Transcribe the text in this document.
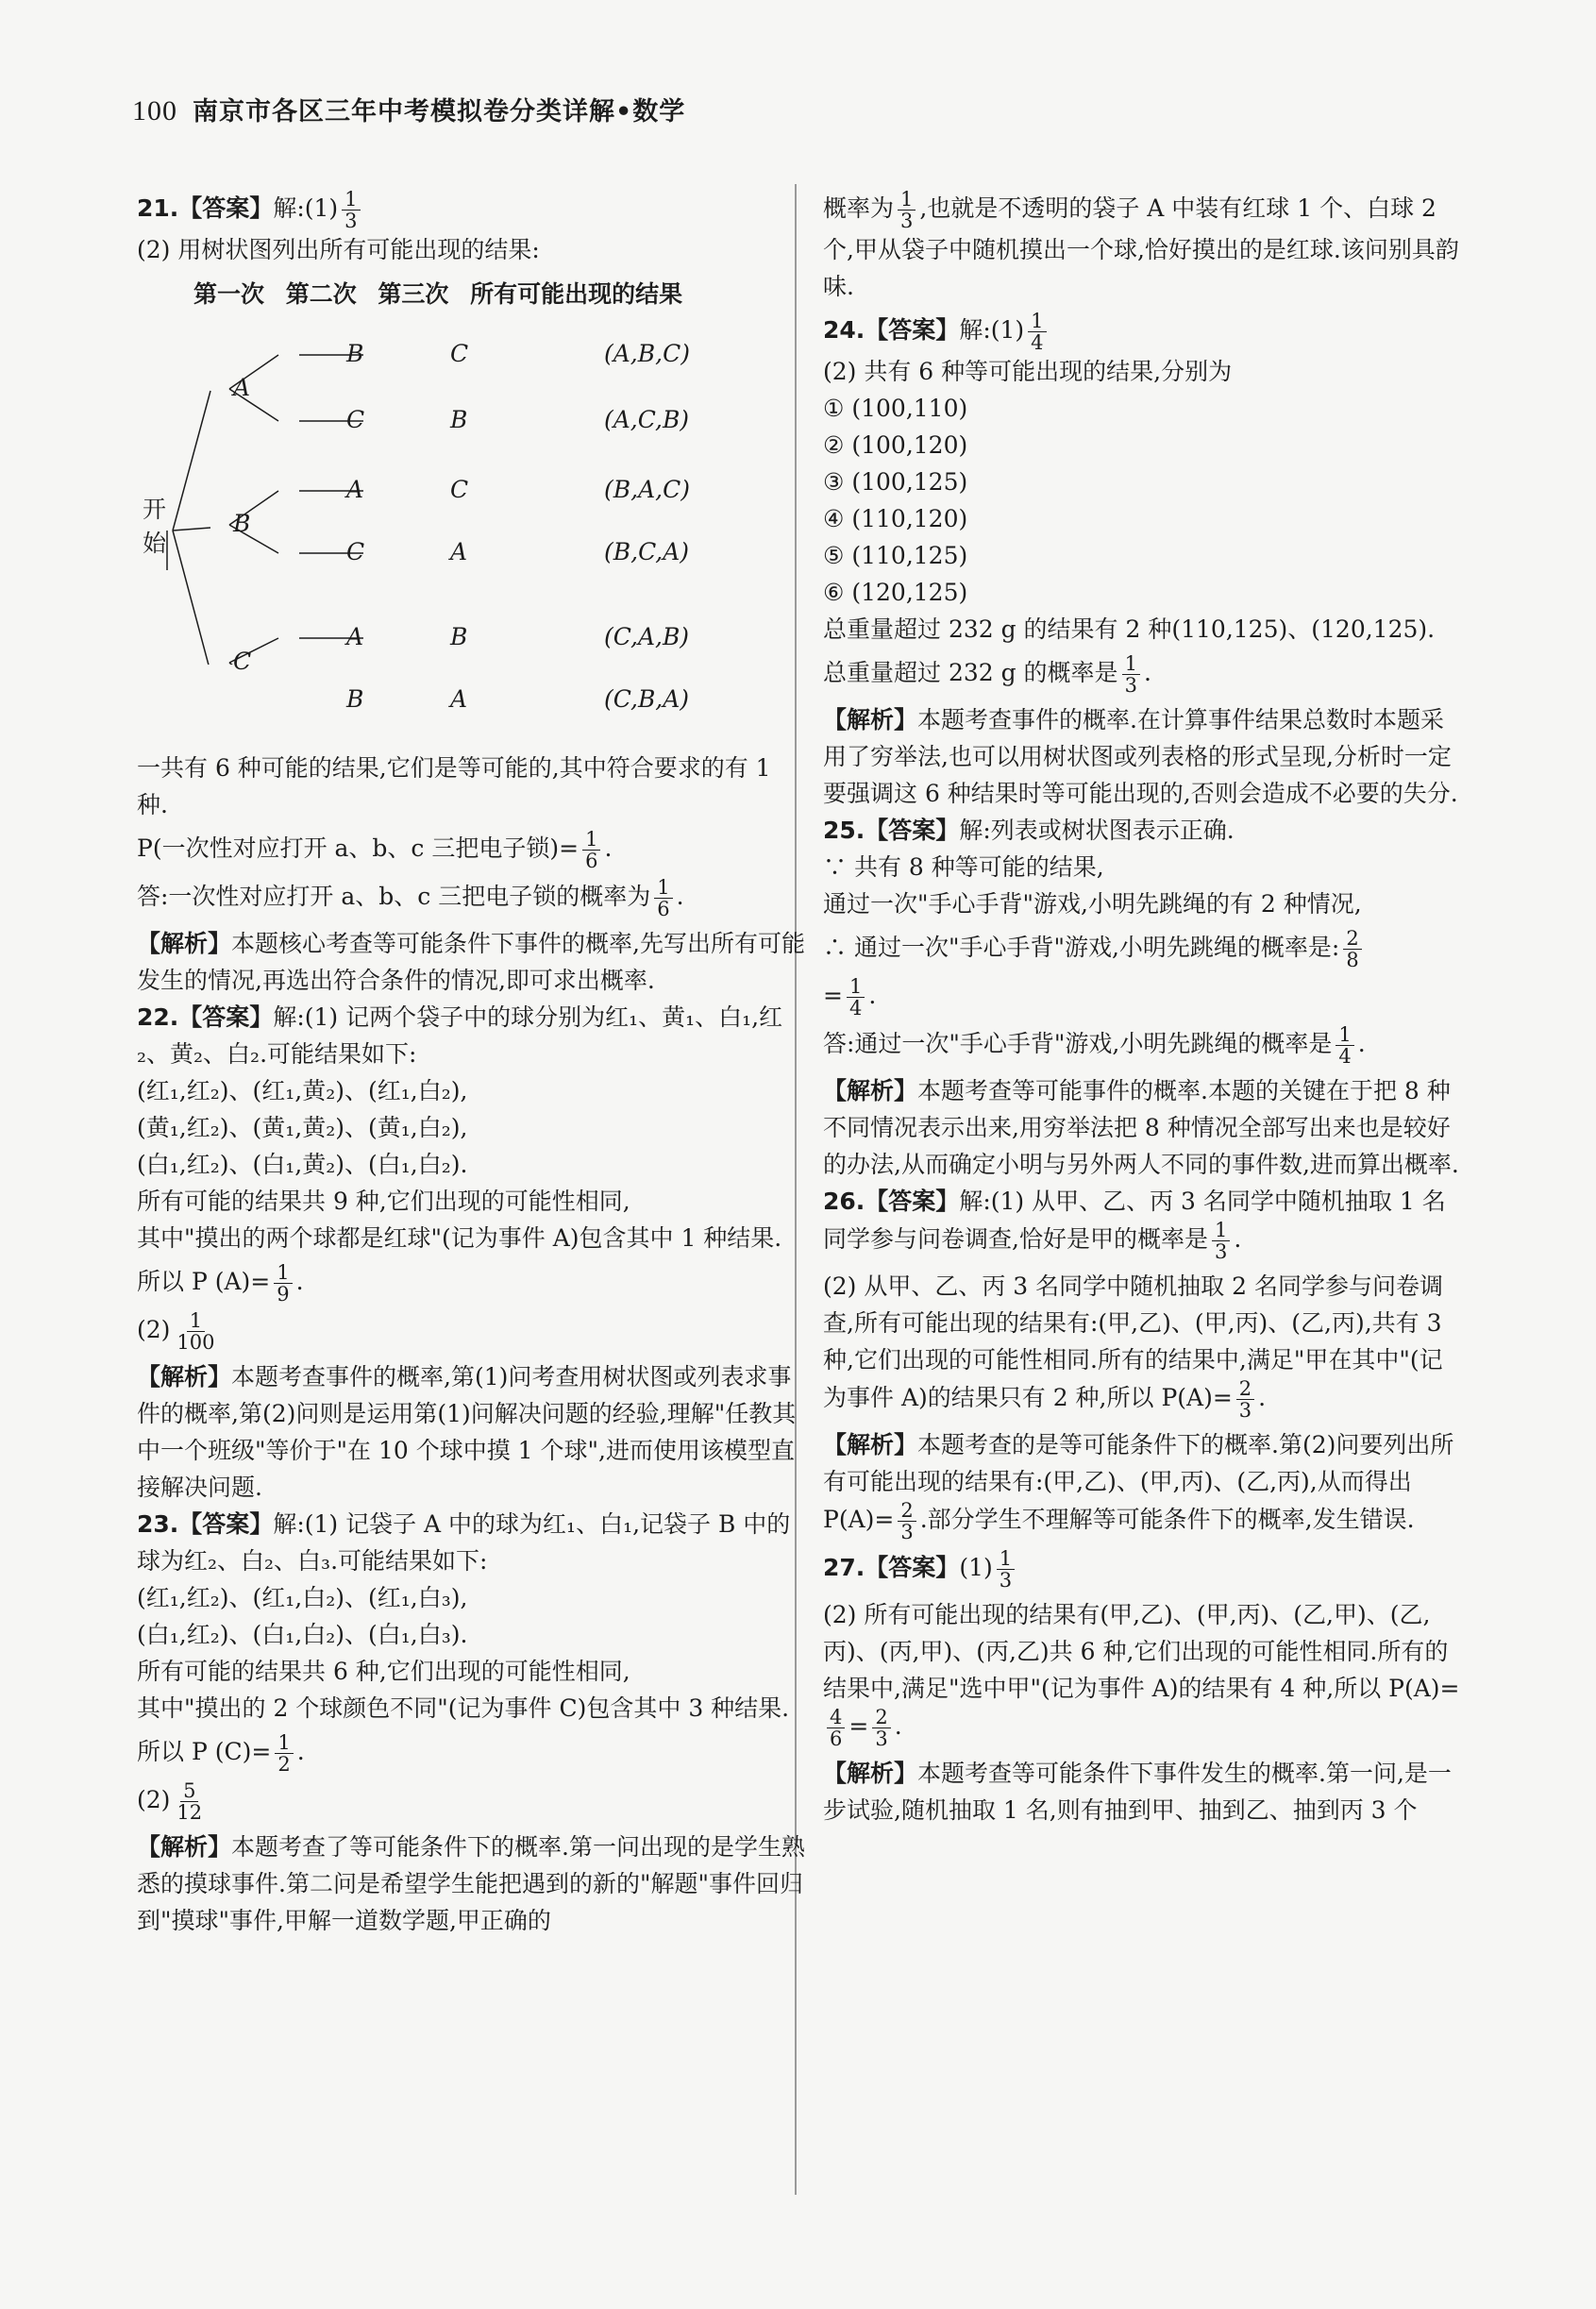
100 南京市各区三年中考模拟卷分类详解•数学

21.【答案】解:(1) $\frac{1}{3}$

(2) 用树状图列出所有可能出现的结果:

第一次 第二次 第三次 所有可能出现的结果
开
始
A
B
C
B
C
A
C
A
B
C
B
C
A
B
A
(A,B,C)
(A,C,B)
(B,A,C)
(B,C,A)
(C,A,B)
(C,B,A)

一共有 6 种可能的结果,它们是等可能的,其中符合要求的有 1 种.

P(一次性对应打开 a、b、c 三把电子锁)= $\frac{1}{6}$ .

答:一次性对应打开 a、b、c 三把电子锁的概率为 $\frac{1}{6}$ .

【解析】本题核心考查等可能条件下事件的概率,先写出所有可能发生的情况,再选出符合条件的情况,即可求出概率.

22.【答案】解:(1) 记两个袋子中的球分别为红₁、黄₁、白₁,红₂、黄₂、白₂.可能结果如下:

(红₁,红₂)、(红₁,黄₂)、(红₁,白₂),

(黄₁,红₂)、(黄₁,黄₂)、(黄₁,白₂),

(白₁,红₂)、(白₁,黄₂)、(白₁,白₂).

所有可能的结果共 9 种,它们出现的可能性相同,

其中"摸出的两个球都是红球"(记为事件 A)包含其中 1 种结果.

所以 P $(A)= \frac{1}{9}$ .

$(2) \frac{1}{100}$

【解析】本题考查事件的概率,第(1)问考查用树状图或列表求事件的概率,第(2)问则是运用第(1)问解决问题的经验,理解"任教其中一个班级"等价于"在 10 个球中摸 1 个球",进而使用该模型直接解决问题.

23.【答案】解:(1) 记袋子 A 中的球为红₁、白₁,记袋子 B 中的球为红₂、白₂、白₃.可能结果如下:

(红₁,红₂)、(红₁,白₂)、(红₁,白₃),

(白₁,红₂)、(白₁,白₂)、(白₁,白₃).

所有可能的结果共 6 种,它们出现的可能性相同,

其中"摸出的 2 个球颜色不同"(记为事件 C)包含其中 3 种结果.

所以 P $(C)= \frac{1}{2}$ .

$(2) \frac{5}{12}$

【解析】本题考查了等可能条件下的概率.第一问出现的是学生熟悉的摸球事件.第二问是希望学生能把遇到的新的"解题"事件回归到"摸球"事件,甲解一道数学题,甲正确的

概率为 $\frac{1}{3}$ ,也就是不透明的袋子 A 中装有红球 1 个、白球 2 个,甲从袋子中随机摸出一个球,恰好摸出的是红球.该问别具韵味.

24.【答案】解:(1) $\frac{1}{4}$

(2) 共有 6 种等可能出现的结果,分别为

① (100,110)

② (100,120)

③ (100,125)

④ (110,120)

⑤ (110,125)

⑥ (120,125)

总重量超过 232 g 的结果有 2 种(110,125)、(120,125).

总重量超过 232 g 的概率是 $\frac{1}{3}$ .

【解析】本题考查事件的概率.在计算事件结果总数时本题采用了穷举法,也可以用树状图或列表格的形式呈现,分析时一定要强调这 6 种结果时等可能出现的,否则会造成不必要的失分.

25.【答案】解:列表或树状图表示正确.

∵ 共有 8 种等可能的结果,

通过一次"手心手背"游戏,小明先跳绳的有 2 种情况,

∴ 通过一次"手心手背"游戏,小明先跳绳的概率是: $\frac{2}{8}$

= $\frac{1}{4}$ .

答:通过一次"手心手背"游戏,小明先跳绳的概率是 $\frac{1}{4}$ .

【解析】本题考查等可能事件的概率.本题的关键在于把 8 种不同情况表示出来,用穷举法把 8 种情况全部写出来也是较好的办法,从而确定小明与另外两人不同的事件数,进而算出概率.

26.【答案】解:(1) 从甲、乙、丙 3 名同学中随机抽取 1 名同学参与问卷调查,恰好是甲的概率是 $\frac{1}{3}$ .

(2) 从甲、乙、丙 3 名同学中随机抽取 2 名同学参与问卷调查,所有可能出现的结果有:(甲,乙)、(甲,丙)、(乙,丙),共有 3 种,它们出现的可能性相同.所有的结果中,满足"甲在其中"(记为事件 A)的结果只有 2 种,所以 $P(A)= \frac{2}{3}$ .

【解析】本题考查的是等可能条件下的概率.第(2)问要列出所有可能出现的结果有:(甲,乙)、(甲,丙)、(乙,丙),从而得出 $P(A)= \frac{2}{3}$ .部分学生不理解等可能条件下的概率,发生错误.

27.【答案】$(1) \frac{1}{3}$

(2) 所有可能出现的结果有(甲,乙)、(甲,丙)、(乙,甲)、(乙,丙)、(丙,甲)、(丙,乙)共 6 种,它们出现的可能性相同.所有的结果中,满足"选中甲"(记为事件 A)的结果有 4 种,所以 P(A)=
$\frac{4}{6} = \frac{2}{3}$ .

【解析】本题考查等可能条件下事件发生的概率.第一问,是一步试验,随机抽取 1 名,则有抽到甲、抽到乙、抽到丙 3 个
